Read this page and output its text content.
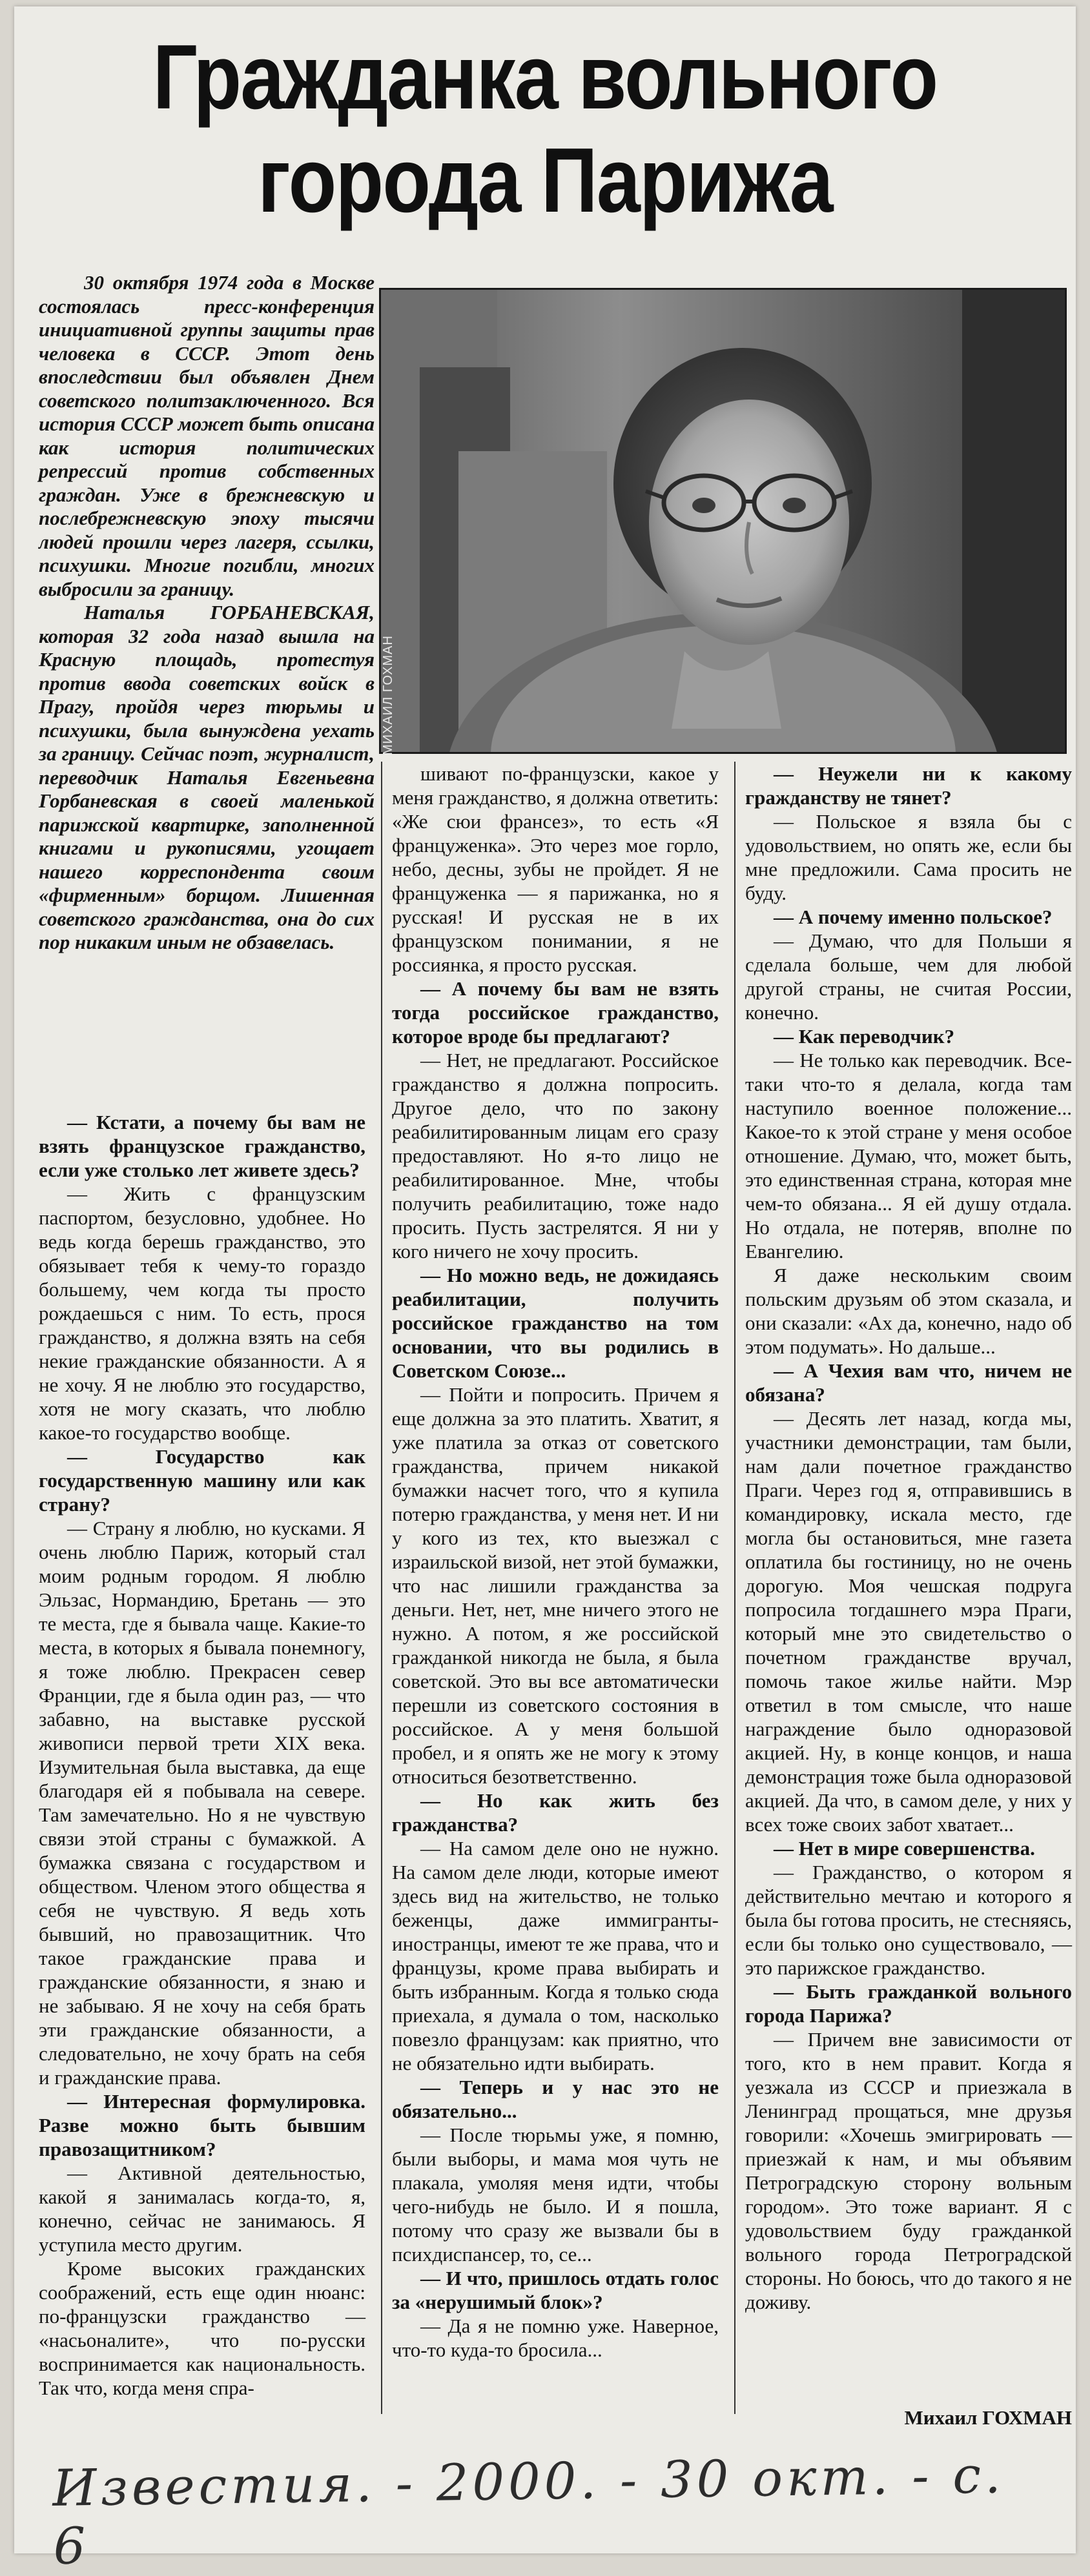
Гражданка вольного
города Парижа

30 октября 1974 года в Москве состоялась пресс-конференция инициативной группы защиты прав человека в СССР. Этот день впоследствии был объявлен Днем советского политзаключенного. Вся история СССР может быть описана как история политических репрессий против собственных граждан. Уже в брежневскую и послебрежневскую эпоху тысячи людей прошли через лагеря, ссылки, психушки. Многие погибли, многих выбросили за границу.

Наталья ГОРБАНЕВСКАЯ, которая 32 года назад вышла на Красную площадь, протестуя против ввода советских войск в Прагу, пройдя через тюрьмы и психушки, была вынуждена уехать за границу. Сейчас поэт, журналист, переводчик Наталья Евгеньевна Горбаневская в своей маленькой парижской квартирке, заполненной книгами и рукописями, угощает нашего корреспондента своим «фирменным» борщом. Лишенная советского гражданства, она до сих пор никаким иным не обзавелась.

МИХАИЛ ГОХМАН

— Кстати, а почему бы вам не взять французское гражданство, если уже столько лет живете здесь?

— Жить с французским паспортом, безусловно, удобнее. Но ведь когда берешь гражданство, это обязывает тебя к чему-то гораздо большему, чем когда ты просто рождаешься с ним. То есть, прося гражданство, я должна взять на себя некие гражданские обязанности. А я не хочу. Я не люблю это государство, хотя не могу сказать, что люблю какое-то государство вообще.

— Государство как государственную машину или как страну?

— Страну я люблю, но кусками. Я очень люблю Париж, который стал моим родным городом. Я люблю Эльзас, Нормандию, Бретань — это те места, где я бывала чаще. Какие-то места, в которых я бывала понемногу, я тоже люблю. Прекрасен север Франции, где я была один раз, — что забавно, на выставке русской живописи первой трети XIX века. Изумительная была выставка, да еще благодаря ей я побывала на севере. Там замечательно. Но я не чувствую связи этой страны с бумажкой. А бумажка связана с государством и обществом. Членом этого общества я себя не чувствую. Я ведь хоть бывший, но правозащитник. Что такое гражданские права и гражданские обязанности, я знаю и не забываю. Я не хочу на себя брать эти гражданские обязанности, а следовательно, не хочу брать на себя и гражданские права.

— Интересная формулировка. Разве можно быть бывшим правозащитником?

— Активной деятельностью, какой я занималась когда-то, я, конечно, сейчас не занимаюсь. Я уступила место другим.

Кроме высоких гражданских соображений, есть еще один нюанс: по-французски гражданство — «насьоналите», что по-русски воспринимается как национальность. Так что, когда меня спра-

шивают по-французски, какое у меня гражданство, я должна ответить: «Же сюи франсез», то есть «Я француженка». Это через мое горло, небо, десны, зубы не пройдет. Я не француженка — я парижанка, но я русская! И русская не в их французском понимании, я не россиянка, я просто русская.

— А почему бы вам не взять тогда российское гражданство, которое вроде бы предлагают?

— Нет, не предлагают. Российское гражданство я должна попросить. Другое дело, что по закону реабилитированным лицам его сразу предоставляют. Но я-то лицо не реабилитированное. Мне, чтобы получить реабилитацию, тоже надо просить. Пусть застрелятся. Я ни у кого ничего не хочу просить.

— Но можно ведь, не дожидаясь реабилитации, получить российское гражданство на том основании, что вы родились в Советском Союзе...

— Пойти и попросить. Причем я еще должна за это платить. Хватит, я уже платила за отказ от советского гражданства, причем никакой бумажки насчет того, что я купила потерю гражданства, у меня нет. И ни у кого из тех, кто выезжал с израильской визой, нет этой бумажки, что нас лишили гражданства за деньги. Нет, нет, мне ничего этого не нужно. А потом, я же российской гражданкой никогда не была, я была советской. Это вы все автоматически перешли из советского состояния в российское. А у меня большой пробел, и я опять же не могу к этому относиться безответственно.

— Но как жить без гражданства?

— На самом деле оно не нужно. На самом деле люди, которые имеют здесь вид на жительство, не только беженцы, даже иммигранты-иностранцы, имеют те же права, что и французы, кроме права выбирать и быть избранным. Когда я только сюда приехала, я думала о том, насколько повезло французам: как приятно, что не обязательно идти выбирать.

— Теперь и у нас это не обязательно...

— После тюрьмы уже, я помню, были выборы, и мама моя чуть не плакала, умоляя меня идти, чтобы чего-нибудь не было. И я пошла, потому что сразу же вызвали бы в психдиспансер, то, се...

— И что, пришлось отдать голос за «нерушимый блок»?

— Да я не помню уже. Наверное, что-то куда-то бросила...

— Неужели ни к какому гражданству не тянет?

— Польское я взяла бы с удовольствием, но опять же, если бы мне предложили. Сама просить не буду.

— А почему именно польское?

— Думаю, что для Польши я сделала больше, чем для любой другой страны, не считая России, конечно.

— Как переводчик?

— Не только как переводчик. Все-таки что-то я делала, когда там наступило военное положение... Какое-то к этой стране у меня особое отношение. Думаю, что, может быть, это единственная страна, которая мне чем-то обязана... Я ей душу отдала. Но отдала, не потеряв, вполне по Евангелию.

Я даже нескольким своим польским друзьям об этом сказала, и они сказали: «Ах да, конечно, надо об этом подумать». Но дальше...

— А Чехия вам что, ничем не обязана?

— Десять лет назад, когда мы, участники демонстрации, там были, нам дали почетное гражданство Праги. Через год я, отправившись в командировку, искала место, где могла бы остановиться, мне газета оплатила бы гостиницу, но не очень дорогую. Моя чешская подруга попросила тогдашнего мэра Праги, который мне это свидетельство о почетном гражданстве вручал, помочь такое жилье найти. Мэр ответил в том смысле, что наше награждение было одноразовой акцией. Ну, в конце концов, и наша демонстрация тоже была одноразовой акцией. Да что, в самом деле, у них у всех тоже своих забот хватает...

— Нет в мире совершенства.

— Гражданство, о котором я действительно мечтаю и которого я была бы готова просить, не стесняясь, если бы только оно существовало, — это парижское гражданство.

— Быть гражданкой вольного города Парижа?

— Причем вне зависимости от того, кто в нем правит. Когда я уезжала из СССР и приезжала в Ленинград прощаться, мне друзья говорили: «Хочешь эмигрировать — приезжай к нам, и мы объявим Петроградскую сторону вольным городом». Это тоже вариант. Я с удовольствием буду гражданкой вольного города Петроградской стороны. Но боюсь, что до такого я не доживу.

Михаил ГОХМАН
Известия. - 2000. - 30 окт. - с. 6
